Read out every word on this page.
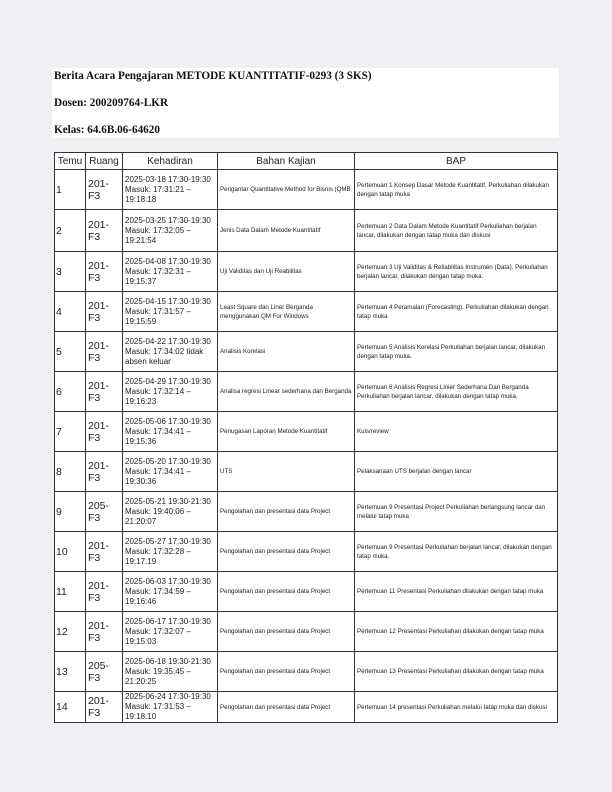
Berita Acara Pengajaran METODE KUANTITATIF-0293 (3 SKS)
Dosen: 200209764-LKR
Kelas: 64.6B.06-64620
Temu	Ruang	Kehadiran	Bahan Kajian	BAP
1	201-F3	2025-03-18 17:30-19:30 Masuk: 17:31:21 –19:18:18	Pengantar Quantitative Method for Bisnis (QMB	Pertemuan 1 Konsep Dasar Metode Kuantitatif. Perkuliahan dilakukan dengan tatap muka
2	201-F3	2025-03-25 17:30-19:30 Masuk: 17:32:05 – 19:21:54	Jenis Data Dalam Metode Kuantitatif	Pertemuan 2 Data Dalam Metode Kuantitatif Perkuliahan berjalan lancar, dilakukan dengan tatap muka dan diskusi
3	201-F3	2025-04-08 17:30-19:30 Masuk: 17:32:31 –19:15:37	Uji Validitas dan Uji Reabilitas	Pertemuan 3 Uji Validitas & Reliabilitas Instrumen (Data). Perkuliahan berjalan lancar, dilakukan dengan tatap muka.
4	201-F3	2025-04-15 17:30-19:30 Masuk: 17:31:57 – 19:15:59	Least Square dan Liner Berganda menggunakan QM For Windows	Pertemuan 4 Peramalan (Forecasting). Perkuliahan dilakukan dengan tatap muka
5	201-F3	2025-04-22 17:30-19:30 Masuk: 17:34:02 tidak absen keluar	Analisis Korelasi	Pertemuan 5 Analisis Korelasi Perkuliahan berjalan lancar, dilakukan dengan tatap muka.
6	201-F3	2025-04-29 17:30-19:30 Masuk: 17:32:14 – 19:16:23	Analisa regresi Linear sederhana dan Berganda	Pertemuan 6 Analisis Regresi Linier Sederhana Dan Berganda Perkuliahan berjalan lancar, dilakukan dengan tatap muka.
7	201-F3	2025-05-06 17:30-19:30 Masuk: 17:34:41 – 19:15:36	Penugasan Laporan Metode Kuantitatif	Kuis/review
8	201-F3	2025-05-20 17:30-19:30 Masuk: 17:34:41 – 19:30:36	UTS	Pelaksanaan UTS berjalan dengan lancar
9	205-F3	2025-05-21 19:30-21:30 Masuk: 19:40:06 – 21:20:07	Pengolahan dan presentasi data Project	Pertemuan 9 Presentasi Project Perkuliahan berlangsung lancar dan melalui tatap muka
10	201-F3	2025-05-27 17:30-19:30 Masuk: 17:32:28 – 19:17:19	Pengolahan dan presentasi data Project	Pertemuan 9 Presentasi Perkuliahan berjalan lancar, dilakukan dengan tatap muka.
11	201-F3	2025-06-03 17:30-19:30 Masuk: 17:34:59 – 19:16:46	Pengolahan dan presentasi data Project	Pertemuan 11 Presentasi Perkuliahan dilakukan dengan tatap muka
12	201-F3	2025-06-17 17:30-19:30 Masuk: 17:32:07 – 19:15:03	Pengolahan dan presentasi data Project	Pertemuan 12 Presentasi Perkuliahan dilakukan dengan tatap muka
13	205-F3	2025-06-18 19:30-21:30 Masuk: 19:35:45 – 21:20:25	Pengolahan dan presentasi data Project	Pertemuan 13 Presentasi Perkuliahan dilakukan dengan tatap muka
14	201-F3	2025-06-24 17:30-19:30 Masuk: 17:31:53 –19:18:10	Pengolahan dan presentasi data Project	Pertemuan 14 presentasi Perkuliahan melalui tatap muka dan diskusi
